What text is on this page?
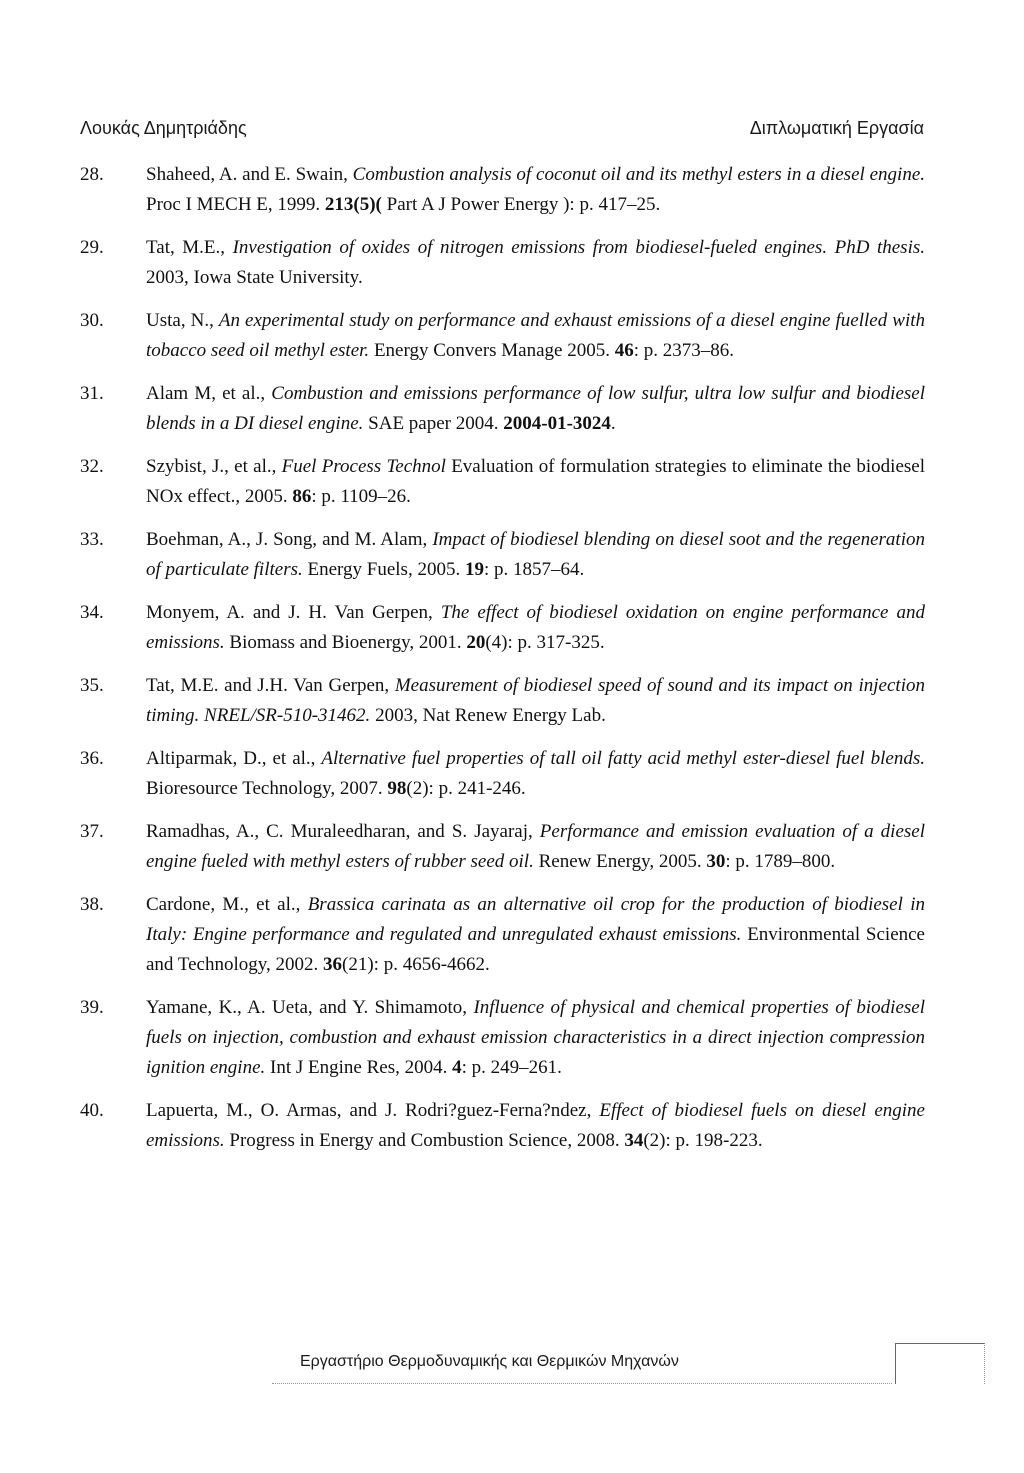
Λουκάς Δημητριάδης	Διπλωματική Εργασία
28. Shaheed, A. and E. Swain, Combustion analysis of coconut oil and its methyl esters in a diesel engine. Proc I MECH E, 1999. 213(5)( Part A J Power Energy ): p. 417–25.
29. Tat, M.E., Investigation of oxides of nitrogen emissions from biodiesel-fueled engines. PhD thesis. 2003, Iowa State University.
30. Usta, N., An experimental study on performance and exhaust emissions of a diesel engine fuelled with tobacco seed oil methyl ester. Energy Convers Manage 2005. 46: p. 2373–86.
31. Alam M, et al., Combustion and emissions performance of low sulfur, ultra low sulfur and biodiesel blends in a DI diesel engine. SAE paper 2004. 2004-01-3024.
32. Szybist, J., et al., Fuel Process Technol Evaluation of formulation strategies to eliminate the biodiesel NOx effect., 2005. 86: p. 1109–26.
33. Boehman, A., J. Song, and M. Alam, Impact of biodiesel blending on diesel soot and the regeneration of particulate filters. Energy Fuels, 2005. 19: p. 1857–64.
34. Monyem, A. and J. H. Van Gerpen, The effect of biodiesel oxidation on engine performance and emissions. Biomass and Bioenergy, 2001. 20(4): p. 317-325.
35. Tat, M.E. and J.H. Van Gerpen, Measurement of biodiesel speed of sound and its impact on injection timing. NREL/SR-510-31462. 2003, Nat Renew Energy Lab.
36. Altiparmak, D., et al., Alternative fuel properties of tall oil fatty acid methyl ester-diesel fuel blends. Bioresource Technology, 2007. 98(2): p. 241-246.
37. Ramadhas, A., C. Muraleedharan, and S. Jayaraj, Performance and emission evaluation of a diesel engine fueled with methyl esters of rubber seed oil. Renew Energy, 2005. 30: p. 1789–800.
38. Cardone, M., et al., Brassica carinata as an alternative oil crop for the production of biodiesel in Italy: Engine performance and regulated and unregulated exhaust emissions. Environmental Science and Technology, 2002. 36(21): p. 4656-4662.
39. Yamane, K., A. Ueta, and Y. Shimamoto, Influence of physical and chemical properties of biodiesel fuels on injection, combustion and exhaust emission characteristics in a direct injection compression ignition engine. Int J Engine Res, 2004. 4: p. 249–261.
40. Lapuerta, M., O. Armas, and J. Rodri?guez-Ferna?ndez, Effect of biodiesel fuels on diesel engine emissions. Progress in Energy and Combustion Science, 2008. 34(2): p. 198-223.
Εργαστήριο Θερμοδυναμικής και Θερμικών Μηχανών
